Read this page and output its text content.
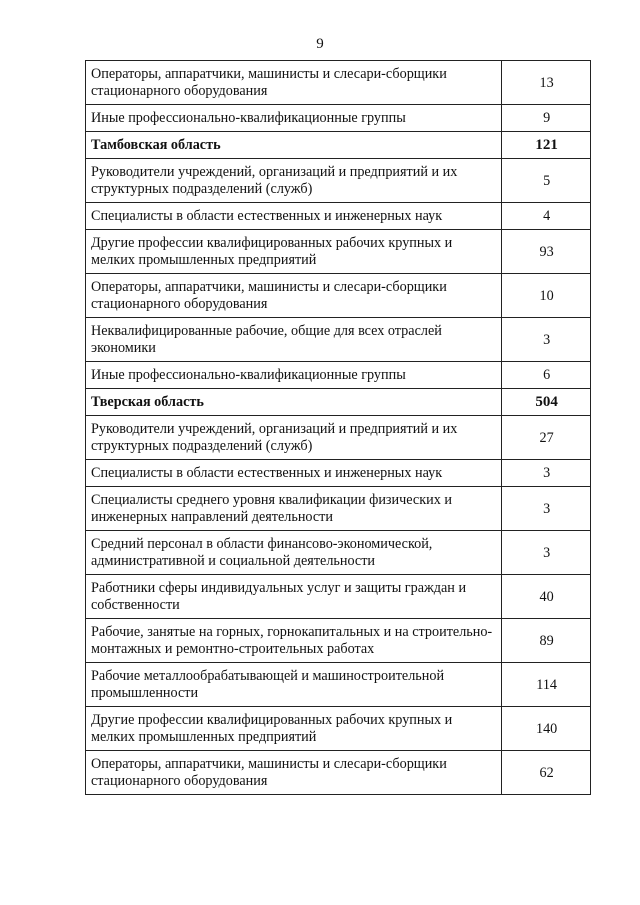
9
Операторы, аппаратчики, машинисты и слесари-сборщики стационарного оборудования	13
Иные профессионально-квалификационные группы	9
Тамбовская область	121
Руководители учреждений, организаций и предприятий и их структурных подразделений (служб)	5
Специалисты в области естественных и инженерных наук	4
Другие профессии квалифицированных рабочих крупных и мелких промышленных предприятий	93
Операторы, аппаратчики, машинисты и слесари-сборщики стационарного оборудования	10
Неквалифицированные рабочие, общие для всех отраслей экономики	3
Иные профессионально-квалификационные группы	6
Тверская область	504
Руководители учреждений, организаций и предприятий и их структурных подразделений (служб)	27
Специалисты в области естественных и инженерных наук	3
Специалисты среднего уровня квалификации физических и инженерных направлений деятельности	3
Средний персонал в области финансово-экономической, административной и социальной деятельности	3
Работники сферы индивидуальных услуг и защиты граждан и собственности	40
Рабочие, занятые на горных, горнокапитальных и на строительно-монтажных и ремонтно-строительных работах	89
Рабочие металлообрабатывающей и машиностроительной промышленности	114
Другие профессии квалифицированных рабочих крупных и мелких промышленных предприятий	140
Операторы, аппаратчики, машинисты и слесари-сборщики стационарного оборудования	62
